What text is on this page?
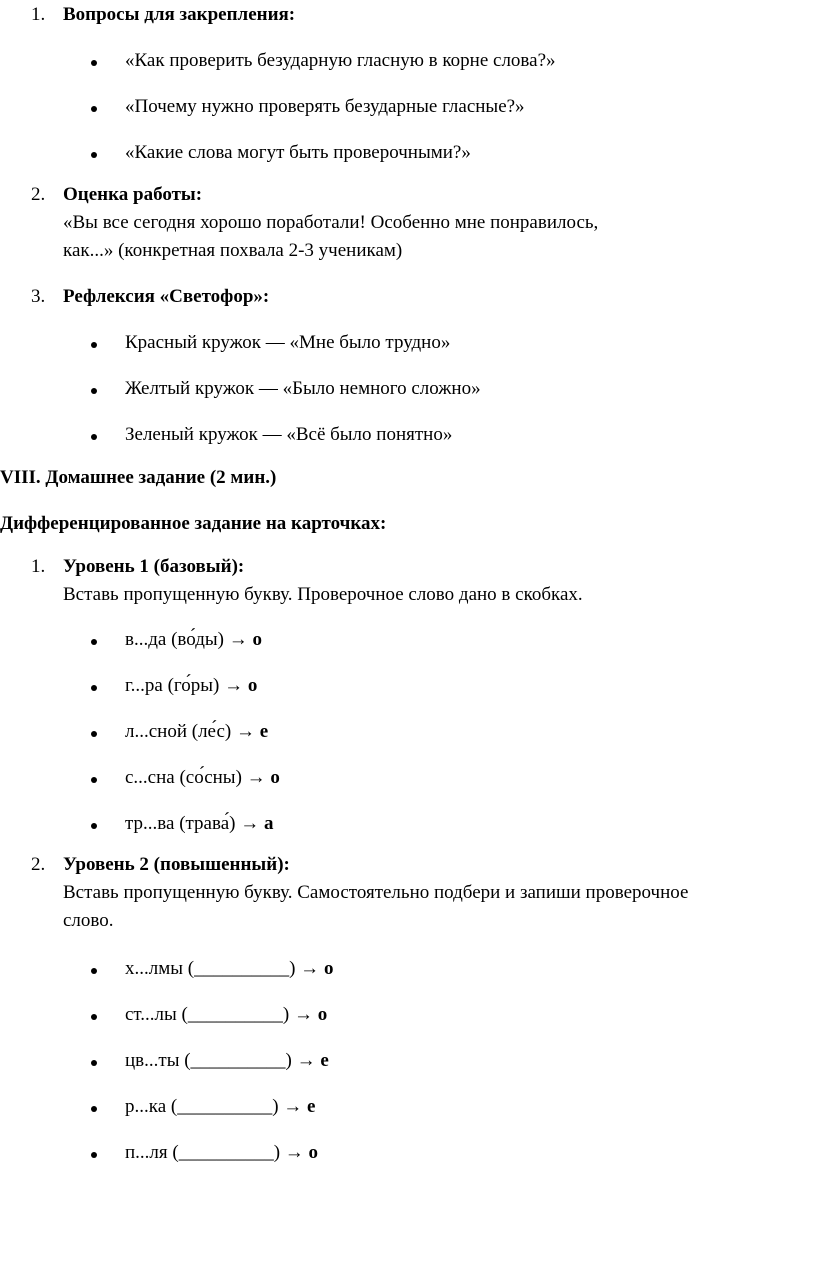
1. Вопросы для закрепления:
«Как проверить безударную гласную в корне слова?»
«Почему нужно проверять безударные гласные?»
«Какие слова могут быть проверочными?»
2. Оценка работы:
«Вы все сегодня хорошо поработали! Особенно мне понравилось,
как...» (конкретная похвала 2-3 ученикам)
3. Рефлексия «Светофор»:
Красный кружок — «Мне было трудно»
Желтый кружок — «Было немного сложно»
Зеленый кружок — «Всё было понятно»
VIII. Домашнее задание (2 мин.)
Дифференцированное задание на карточках:
1. Уровень 1 (базовый):
Вставь пропущенную букву. Проверочное слово дано в скобках.
в...да (во́ды) → о
г...ра (го́ры) → о
л...сной (ле́с) → е
с...сна (со́сны) → о
тр...ва (трава́) → а
2. Уровень 2 (повышенный):
Вставь пропущенную букву. Самостоятельно подбери и запиши проверочное
слово.
х...лмы (__________) → о
ст...лы (__________) → о
цв...ты (__________) → е
р...ка (__________) → е
п...ля (__________) → о
